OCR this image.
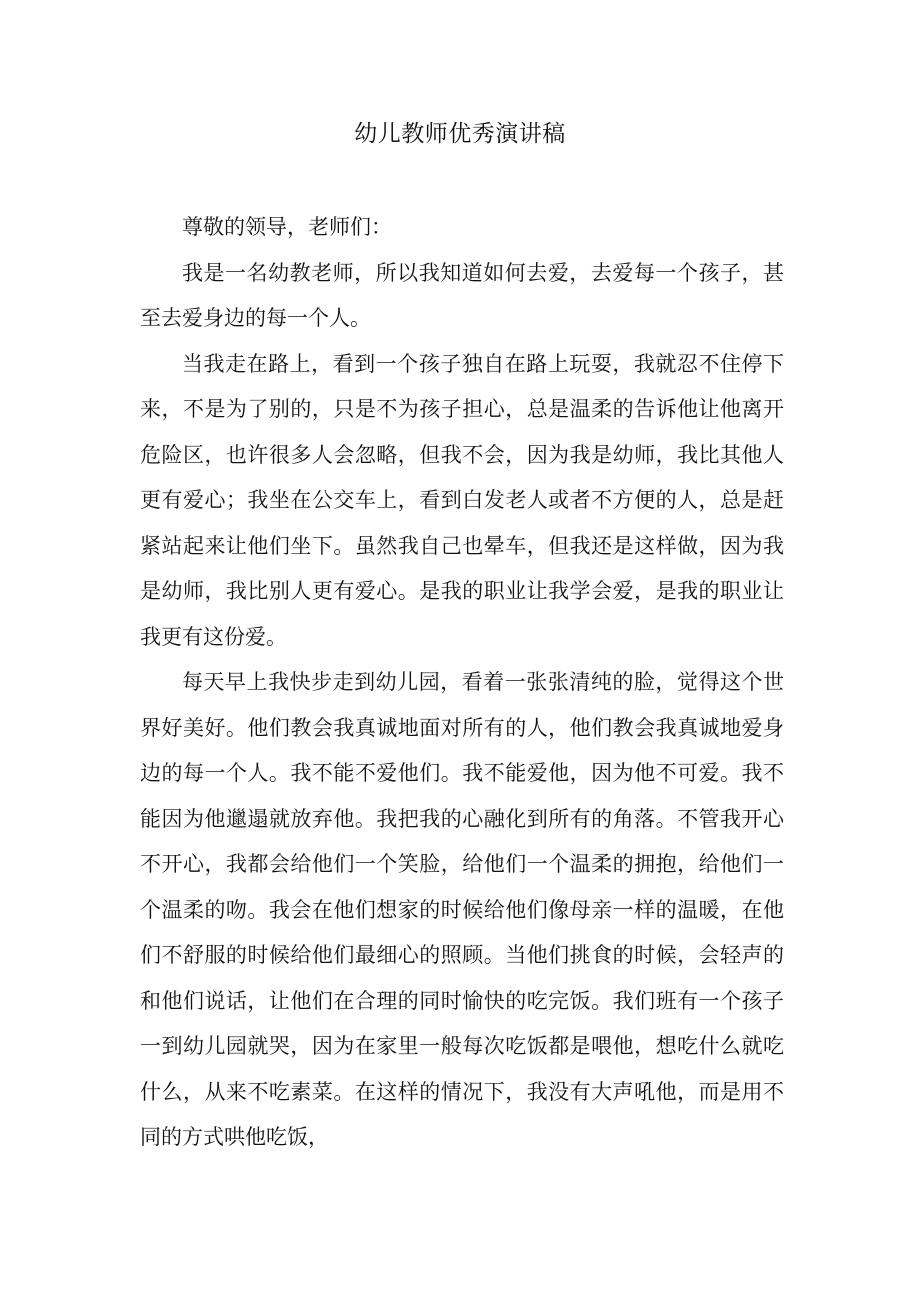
幼儿教师优秀演讲稿

尊敬的领导，老师们：

我是一名幼教老师，所以我知道如何去爱，去爱每一个孩子，甚至去爱身边的每一个人。

当我走在路上，看到一个孩子独自在路上玩耍，我就忍不住停下来，不是为了别的，只是不为孩子担心，总是温柔的告诉他让他离开危险区，也许很多人会忽略，但我不会，因为我是幼师，我比其他人更有爱心；我坐在公交车上，看到白发老人或者不方便的人，总是赶紧站起来让他们坐下。虽然我自己也晕车，但我还是这样做，因为我是幼师，我比别人更有爱心。是我的职业让我学会爱，是我的职业让我更有这份爱。

每天早上我快步走到幼儿园，看着一张张清纯的脸，觉得这个世界好美好。他们教会我真诚地面对所有的人，他们教会我真诚地爱身边的每一个人。我不能不爱他们。我不能爱他，因为他不可爱。我不能因为他邋遢就放弃他。我把我的心融化到所有的角落。不管我开心不开心，我都会给他们一个笑脸，给他们一个温柔的拥抱，给他们一个温柔的吻。我会在他们想家的时候给他们像母亲一样的温暖，在他们不舒服的时候给他们最细心的照顾。当他们挑食的时候，会轻声的和他们说话，让他们在合理的同时愉快的吃完饭。我们班有一个孩子一到幼儿园就哭，因为在家里一般每次吃饭都是喂他，想吃什么就吃什么，从来不吃素菜。在这样的情况下，我没有大声吼他，而是用不同的方式哄他吃饭，
